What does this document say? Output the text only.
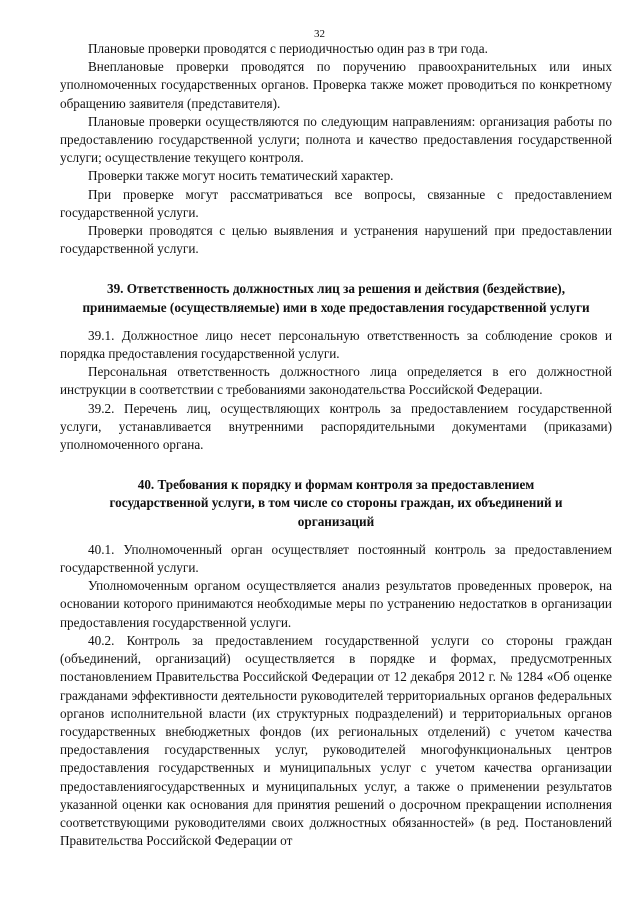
32

Плановые проверки проводятся с периодичностью один раз в три года.

Внеплановые проверки проводятся по поручению правоохранительных или иных уполномоченных государственных органов. Проверка также может проводиться по конкретному обращению заявителя (представителя).

Плановые проверки осуществляются по следующим направлениям: организация работы по предоставлению государственной услуги; полнота и качество предоставления государственной услуги; осуществление текущего контроля.

Проверки также могут носить тематический характер.

При проверке могут рассматриваться все вопросы, связанные с предоставлением государственной услуги.

Проверки проводятся с целью выявления и устранения нарушений при предоставлении государственной услуги.

39. Ответственность должностных лиц за решения и действия (бездействие),
принимаемые (осуществляемые) ими в ходе предоставления государственной услуги

39.1. Должностное лицо несет персональную ответственность за соблюдение сроков и порядка предоставления государственной услуги.

Персональная ответственность должностного лица определяется в его должностной инструкции в соответствии с требованиями законодательства Российской Федерации.

39.2. Перечень лиц, осуществляющих контроль за предоставлением государственной услуги, устанавливается внутренними распорядительными документами (приказами) уполномоченного органа.

40. Требования к порядку и формам контроля за предоставлением
государственной услуги, в том числе со стороны граждан, их объединений и
организаций

40.1. Уполномоченный орган осуществляет постоянный контроль за предоставлением государственной услуги.

Уполномоченным органом осуществляется анализ результатов проведенных проверок, на основании которого принимаются необходимые меры по устранению недостатков в организации предоставления государственной услуги.

40.2. Контроль за предоставлением государственной услуги со стороны граждан (объединений, организаций) осуществляется в порядке и формах, предусмотренных постановлением Правительства Российской Федерации от 12 декабря 2012 г. № 1284 «Об оценке гражданами эффективности деятельности руководителей территориальных органов федеральных органов исполнительной власти (их структурных подразделений) и территориальных органов государственных внебюджетных фондов (их региональных отделений) с учетом качества предоставления государственных услуг, руководителей многофункциональных центров предоставления государственных и муниципальных услуг с учетом качества организации предоставлениягосударственных и муниципальных услуг, а также о применении результатов указанной оценки как основания для принятия решений о досрочном прекращении исполнения соответствующими руководителями своих должностных обязанностей» (в ред. Постановлений Правительства Российской Федерации от
